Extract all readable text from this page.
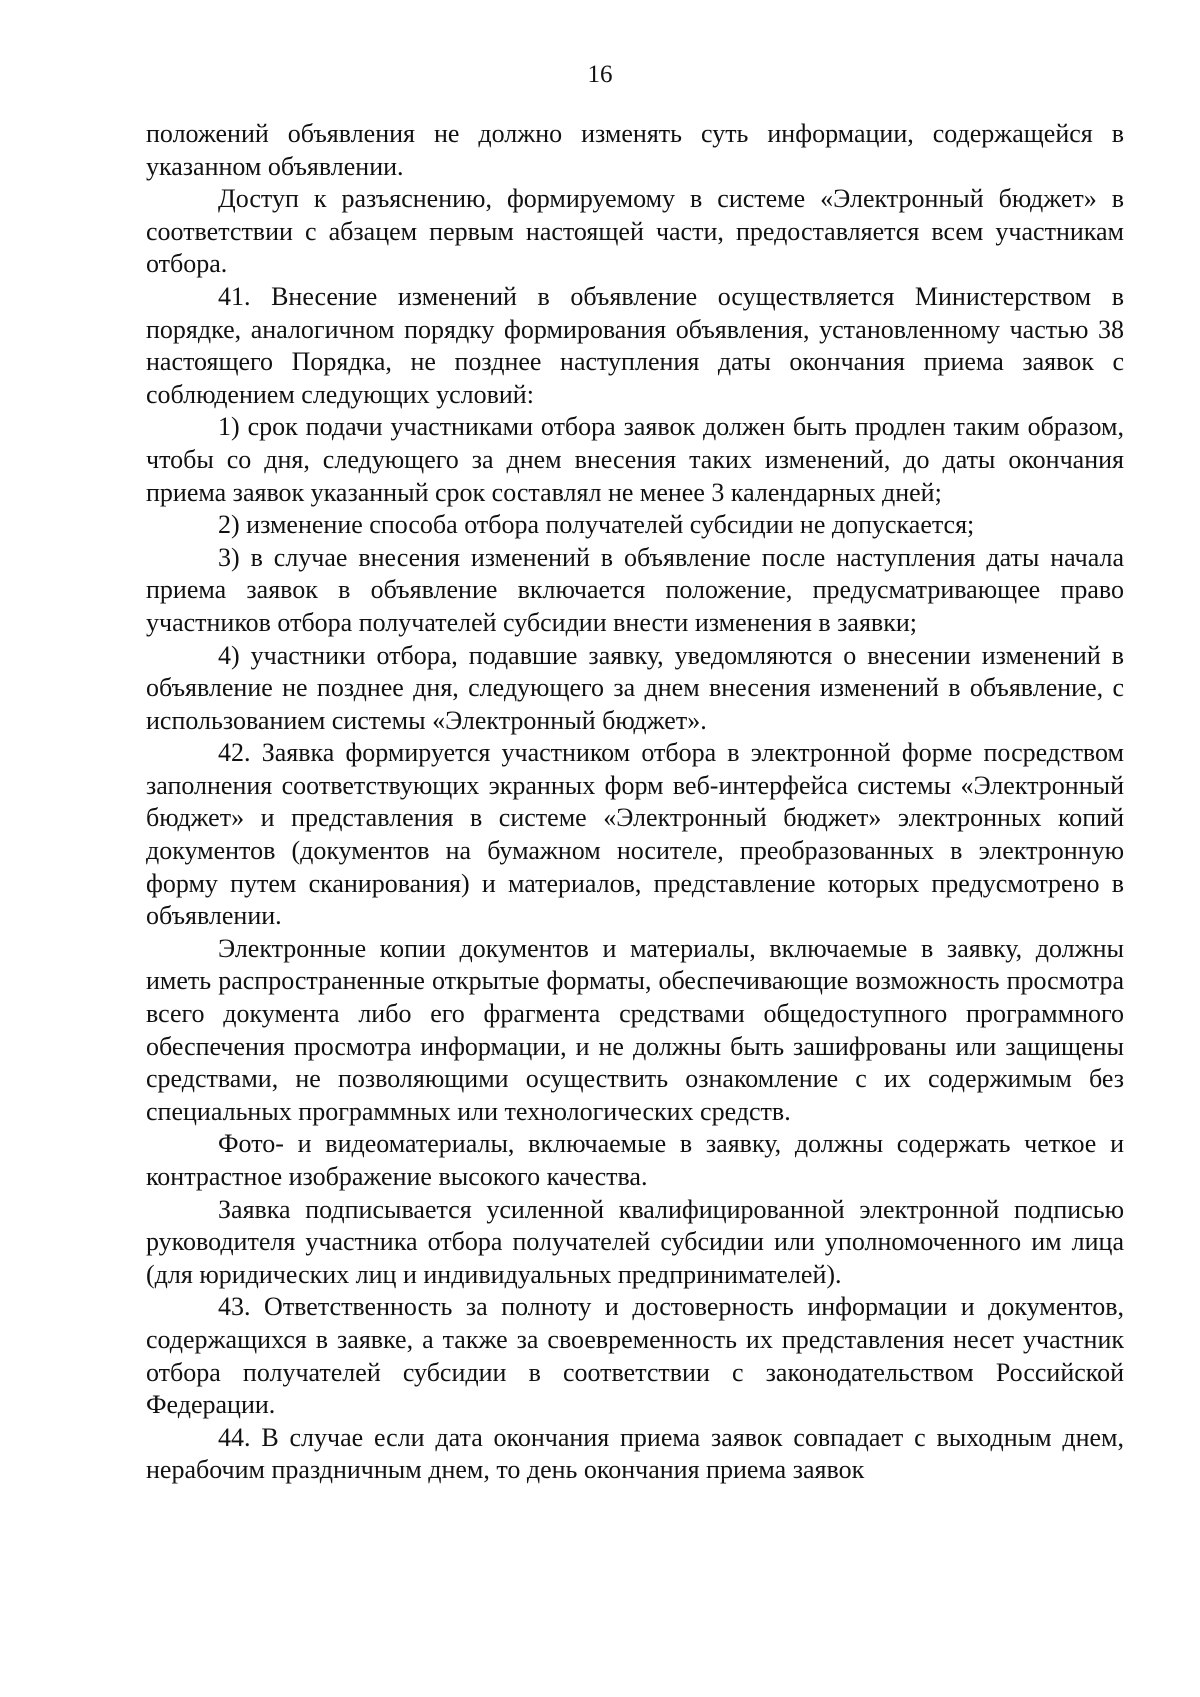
16

положений объявления не должно изменять суть информации, содержащейся в указанном объявлении.

Доступ к разъяснению, формируемому в системе «Электронный бюджет» в соответствии с абзацем первым настоящей части, предоставляется всем участникам отбора.

41. Внесение изменений в объявление осуществляется Министерством в порядке, аналогичном порядку формирования объявления, установленному частью 38 настоящего Порядка, не позднее наступления даты окончания приема заявок с соблюдением следующих условий:

1) срок подачи участниками отбора заявок должен быть продлен таким образом, чтобы со дня, следующего за днем внесения таких изменений, до даты окончания приема заявок указанный срок составлял не менее 3 календарных дней;

2) изменение способа отбора получателей субсидии не допускается;

3) в случае внесения изменений в объявление после наступления даты начала приема заявок в объявление включается положение, предусматривающее право участников отбора получателей субсидии внести изменения в заявки;

4) участники отбора, подавшие заявку, уведомляются о внесении изменений в объявление не позднее дня, следующего за днем внесения изменений в объявление, с использованием системы «Электронный бюджет».

42. Заявка формируется участником отбора в электронной форме посредством заполнения соответствующих экранных форм веб-интерфейса системы «Электронный бюджет» и представления в системе «Электронный бюджет» электронных копий документов (документов на бумажном носителе, преобразованных в электронную форму путем сканирования) и материалов, представление которых предусмотрено в объявлении.

Электронные копии документов и материалы, включаемые в заявку, должны иметь распространенные открытые форматы, обеспечивающие возможность просмотра всего документа либо его фрагмента средствами общедоступного программного обеспечения просмотра информации, и не должны быть зашифрованы или защищены средствами, не позволяющими осуществить ознакомление с их содержимым без специальных программных или технологических средств.

Фото- и видеоматериалы, включаемые в заявку, должны содержать четкое и контрастное изображение высокого качества.

Заявка подписывается усиленной квалифицированной электронной подписью руководителя участника отбора получателей субсидии или уполномоченного им лица (для юридических лиц и индивидуальных предпринимателей).

43. Ответственность за полноту и достоверность информации и документов, содержащихся в заявке, а также за своевременность их представления несет участник отбора получателей субсидии в соответствии с законодательством Российской Федерации.

44. В случае если дата окончания приема заявок совпадает с выходным днем, нерабочим праздничным днем, то день окончания приема заявок
